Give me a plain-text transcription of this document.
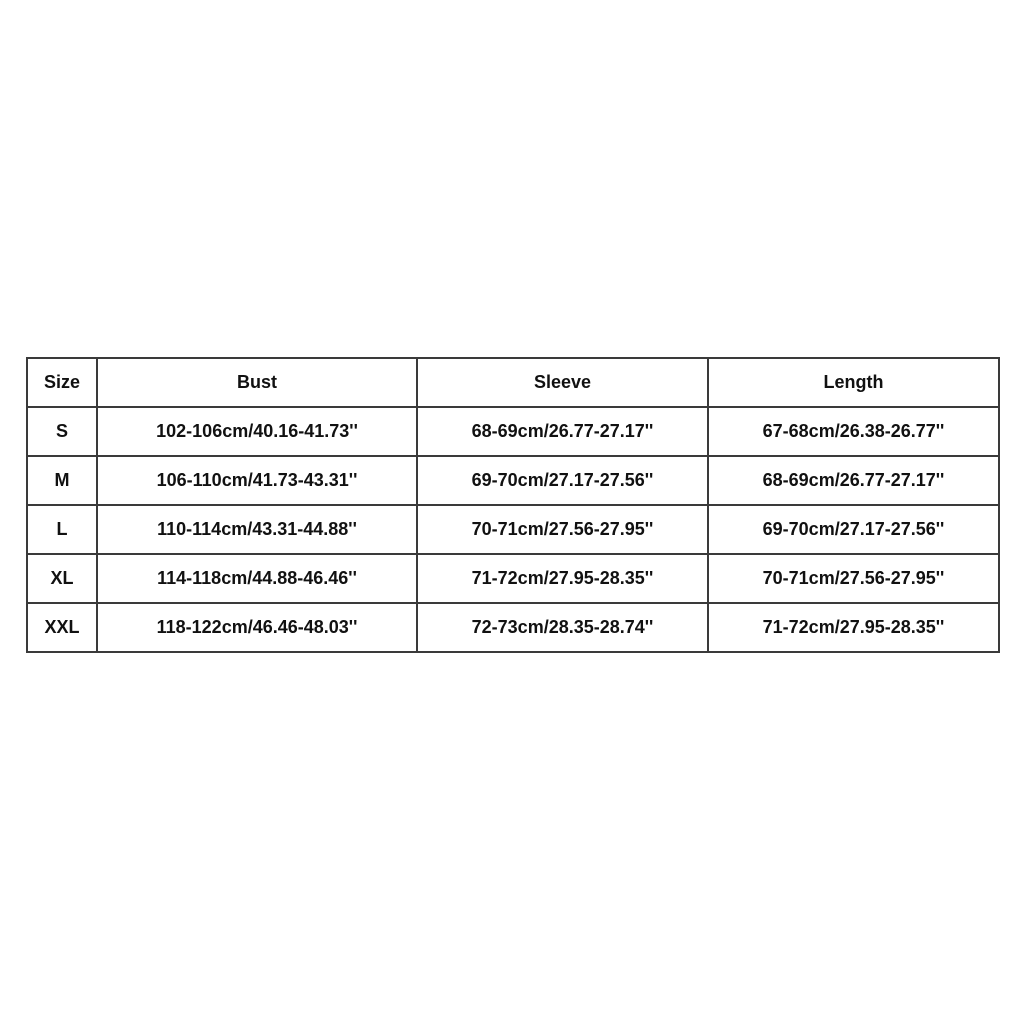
Size	Bust	Sleeve	Length
S	102-106cm/40.16-41.73''	68-69cm/26.77-27.17''	67-68cm/26.38-26.77''
M	106-110cm/41.73-43.31''	69-70cm/27.17-27.56''	68-69cm/26.77-27.17''
L	110-114cm/43.31-44.88''	70-71cm/27.56-27.95''	69-70cm/27.17-27.56''
XL	114-118cm/44.88-46.46''	71-72cm/27.95-28.35''	70-71cm/27.56-27.95''
XXL	118-122cm/46.46-48.03''	72-73cm/28.35-28.74''	71-72cm/27.95-28.35''
